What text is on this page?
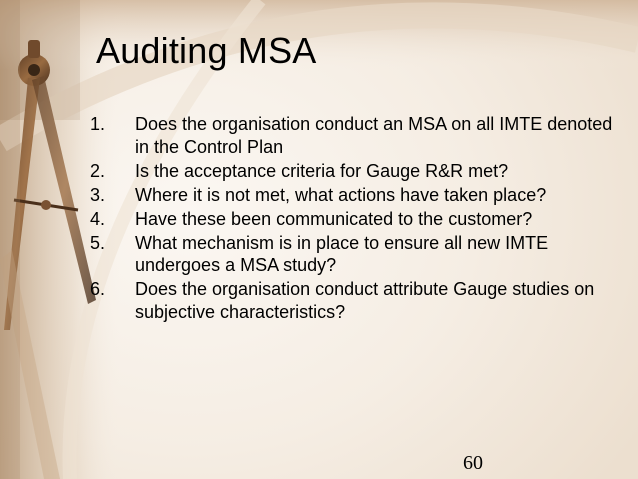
Auditing MSA
1. Does the organisation conduct an MSA on all IMTE denoted in the Control Plan
2. Is the acceptance criteria for Gauge R&R met?
3. Where it is not met, what actions have taken place?
4. Have these been communicated to the customer?
5. What mechanism is in place to ensure all new IMTE undergoes a MSA study?
6. Does the organisation conduct attribute Gauge studies on subjective characteristics?
60
